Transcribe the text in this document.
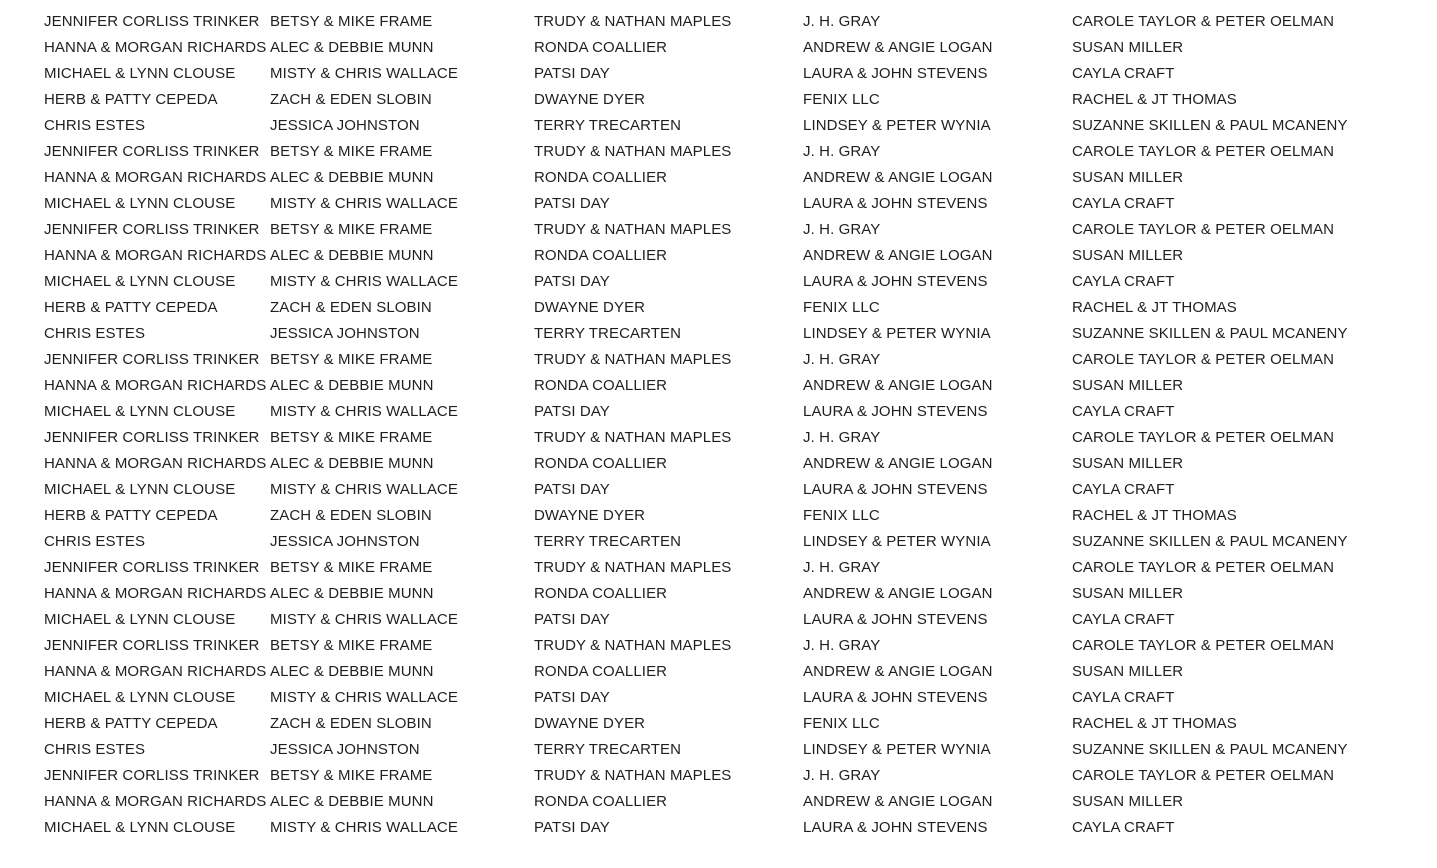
JENNIFER CORLISS TRINKER
HANNA & MORGAN RICHARDS
MICHAEL & LYNN CLOUSE
HERB & PATTY CEPEDA
CHRIS ESTES
JENNIFER CORLISS TRINKER
HANNA & MORGAN RICHARDS
MICHAEL & LYNN CLOUSE
JENNIFER CORLISS TRINKER
HANNA & MORGAN RICHARDS
MICHAEL & LYNN CLOUSE
HERB & PATTY CEPEDA
CHRIS ESTES
JENNIFER CORLISS TRINKER
HANNA & MORGAN RICHARDS
MICHAEL & LYNN CLOUSE
JENNIFER CORLISS TRINKER
HANNA & MORGAN RICHARDS
MICHAEL & LYNN CLOUSE
HERB & PATTY CEPEDA
CHRIS ESTES
JENNIFER CORLISS TRINKER
HANNA & MORGAN RICHARDS
MICHAEL & LYNN CLOUSE
JENNIFER CORLISS TRINKER
HANNA & MORGAN RICHARDS
MICHAEL & LYNN CLOUSE
HERB & PATTY CEPEDA
CHRIS ESTES
JENNIFER CORLISS TRINKER
HANNA & MORGAN RICHARDS
MICHAEL & LYNN CLOUSE
BETSY & MIKE FRAME
ALEC & DEBBIE MUNN
MISTY & CHRIS WALLACE
ZACH & EDEN SLOBIN
JESSICA JOHNSTON
BETSY & MIKE FRAME
ALEC & DEBBIE MUNN
MISTY & CHRIS WALLACE
BETSY & MIKE FRAME
ALEC & DEBBIE MUNN
MISTY & CHRIS WALLACE
ZACH & EDEN SLOBIN
JESSICA JOHNSTON
BETSY & MIKE FRAME
ALEC & DEBBIE MUNN
MISTY & CHRIS WALLACE
BETSY & MIKE FRAME
ALEC & DEBBIE MUNN
MISTY & CHRIS WALLACE
ZACH & EDEN SLOBIN
JESSICA JOHNSTON
BETSY & MIKE FRAME
ALEC & DEBBIE MUNN
MISTY & CHRIS WALLACE
BETSY & MIKE FRAME
ALEC & DEBBIE MUNN
MISTY & CHRIS WALLACE
ZACH & EDEN SLOBIN
JESSICA JOHNSTON
BETSY & MIKE FRAME
ALEC & DEBBIE MUNN
MISTY & CHRIS WALLACE
TRUDY & NATHAN MAPLES
RONDA COALLIER
PATSI DAY
DWAYNE DYER
TERRY TRECARTEN
TRUDY & NATHAN MAPLES
RONDA COALLIER
PATSI DAY
TRUDY & NATHAN MAPLES
RONDA COALLIER
PATSI DAY
DWAYNE DYER
TERRY TRECARTEN
TRUDY & NATHAN MAPLES
RONDA COALLIER
PATSI DAY
TRUDY & NATHAN MAPLES
RONDA COALLIER
PATSI DAY
DWAYNE DYER
TERRY TRECARTEN
TRUDY & NATHAN MAPLES
RONDA COALLIER
PATSI DAY
TRUDY & NATHAN MAPLES
RONDA COALLIER
PATSI DAY
DWAYNE DYER
TERRY TRECARTEN
TRUDY & NATHAN MAPLES
RONDA COALLIER
PATSI DAY
J. H. GRAY
ANDREW & ANGIE LOGAN
LAURA & JOHN STEVENS
FENIX LLC
LINDSEY & PETER WYNIA
J. H. GRAY
ANDREW & ANGIE LOGAN
LAURA & JOHN STEVENS
J. H. GRAY
ANDREW & ANGIE LOGAN
LAURA & JOHN STEVENS
FENIX LLC
LINDSEY & PETER WYNIA
J. H. GRAY
ANDREW & ANGIE LOGAN
LAURA & JOHN STEVENS
J. H. GRAY
ANDREW & ANGIE LOGAN
LAURA & JOHN STEVENS
FENIX LLC
LINDSEY & PETER WYNIA
J. H. GRAY
ANDREW & ANGIE LOGAN
LAURA & JOHN STEVENS
J. H. GRAY
ANDREW & ANGIE LOGAN
LAURA & JOHN STEVENS
FENIX LLC
LINDSEY & PETER WYNIA
J. H. GRAY
ANDREW & ANGIE LOGAN
LAURA & JOHN STEVENS
CAROLE TAYLOR & PETER OELMAN
SUSAN MILLER
CAYLA CRAFT
RACHEL & JT THOMAS
SUZANNE SKILLEN & PAUL MCANENY
CAROLE TAYLOR & PETER OELMAN
SUSAN MILLER
CAYLA CRAFT
CAROLE TAYLOR & PETER OELMAN
SUSAN MILLER
CAYLA CRAFT
RACHEL & JT THOMAS
SUZANNE SKILLEN & PAUL MCANENY
CAROLE TAYLOR & PETER OELMAN
SUSAN MILLER
CAYLA CRAFT
CAROLE TAYLOR & PETER OELMAN
SUSAN MILLER
CAYLA CRAFT
RACHEL & JT THOMAS
SUZANNE SKILLEN & PAUL MCANENY
CAROLE TAYLOR & PETER OELMAN
SUSAN MILLER
CAYLA CRAFT
CAROLE TAYLOR & PETER OELMAN
SUSAN MILLER
CAYLA CRAFT
RACHEL & JT THOMAS
SUZANNE SKILLEN & PAUL MCANENY
CAROLE TAYLOR & PETER OELMAN
SUSAN MILLER
CAYLA CRAFT
